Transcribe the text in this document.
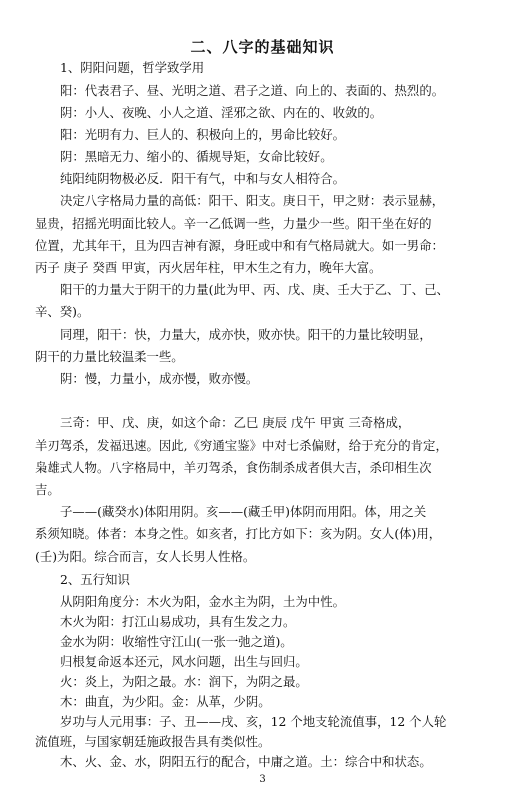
二、八字的基础知识
1、阴阳问题，哲学致学用
阳：代表君子、昼、光明之道、君子之道、向上的、表面的、热烈的。
阴：小人、夜晚、小人之道、淫邪之欲、内在的、收敛的。
阳：光明有力、巨人的、积极向上的，男命比较好。
阴：黑暗无力、缩小的、循规导矩，女命比较好。
纯阳纯阴物极必反．阳干有气，中和与女人相符合。
决定八字格局力量的高低：阳干、阳支。庚日干，甲之财：表示显赫，
显贵，招摇光明面比较人。辛一乙低调一些，力量少一些。阳干坐在好的
位置，尤其年干，且为四吉神有源，身旺或中和有气格局就大。如一男命：
丙子 庚子 癸酉 甲寅，丙火居年柱，甲木生之有力，晚年大富。
阳干的力量大于阴干的力量(此为甲、丙、戊、庚、壬大于乙、丁、己、
辛、癸)。
同理，阳干：快，力量大，成亦快，败亦快。阳干的力量比较明显，
阴干的力量比较温柔一些。
阴：慢，力量小，成亦慢，败亦慢。
三奇：甲、戊、庚，如这个命：乙巳 庚辰 戊午 甲寅 三奇格成，
羊刃驾杀，发福迅速。因此,《穷通宝鉴》中对七杀偏财，给于充分的肯定，
枭雄式人物。八字格局中，羊刃驾杀，食伤制杀成者俱大吉，杀印相生次
吉。
子——(藏癸水)体阳用阴。亥——(藏壬甲)体阴而用阳。体，用之关
系须知晓。体者：本身之性。如亥者，打比方如下：亥为阴。女人(体)用，
(壬)为阳。综合而言，女人长男人性格。
2、五行知识
从阴阳角度分：木火为阳，金水主为阴，土为中性。
木火为阳：打江山易成功，具有生发之力。
金水为阴：收缩性守江山(一张一弛之道)。
归根复命返本还元，风水问题，出生与回归。
火：炎上，为阳之最。水：润下，为阴之最。
木：曲直，为少阳。金：从革，少阴。
岁功与人元用事：子、丑——戌、亥，12 个地支轮流值事，12 个人轮
流值班，与国家朝廷施政报告具有类似性。
木、火、金、水，阴阳五行的配合，中庸之道。土：综合中和状态。
3
